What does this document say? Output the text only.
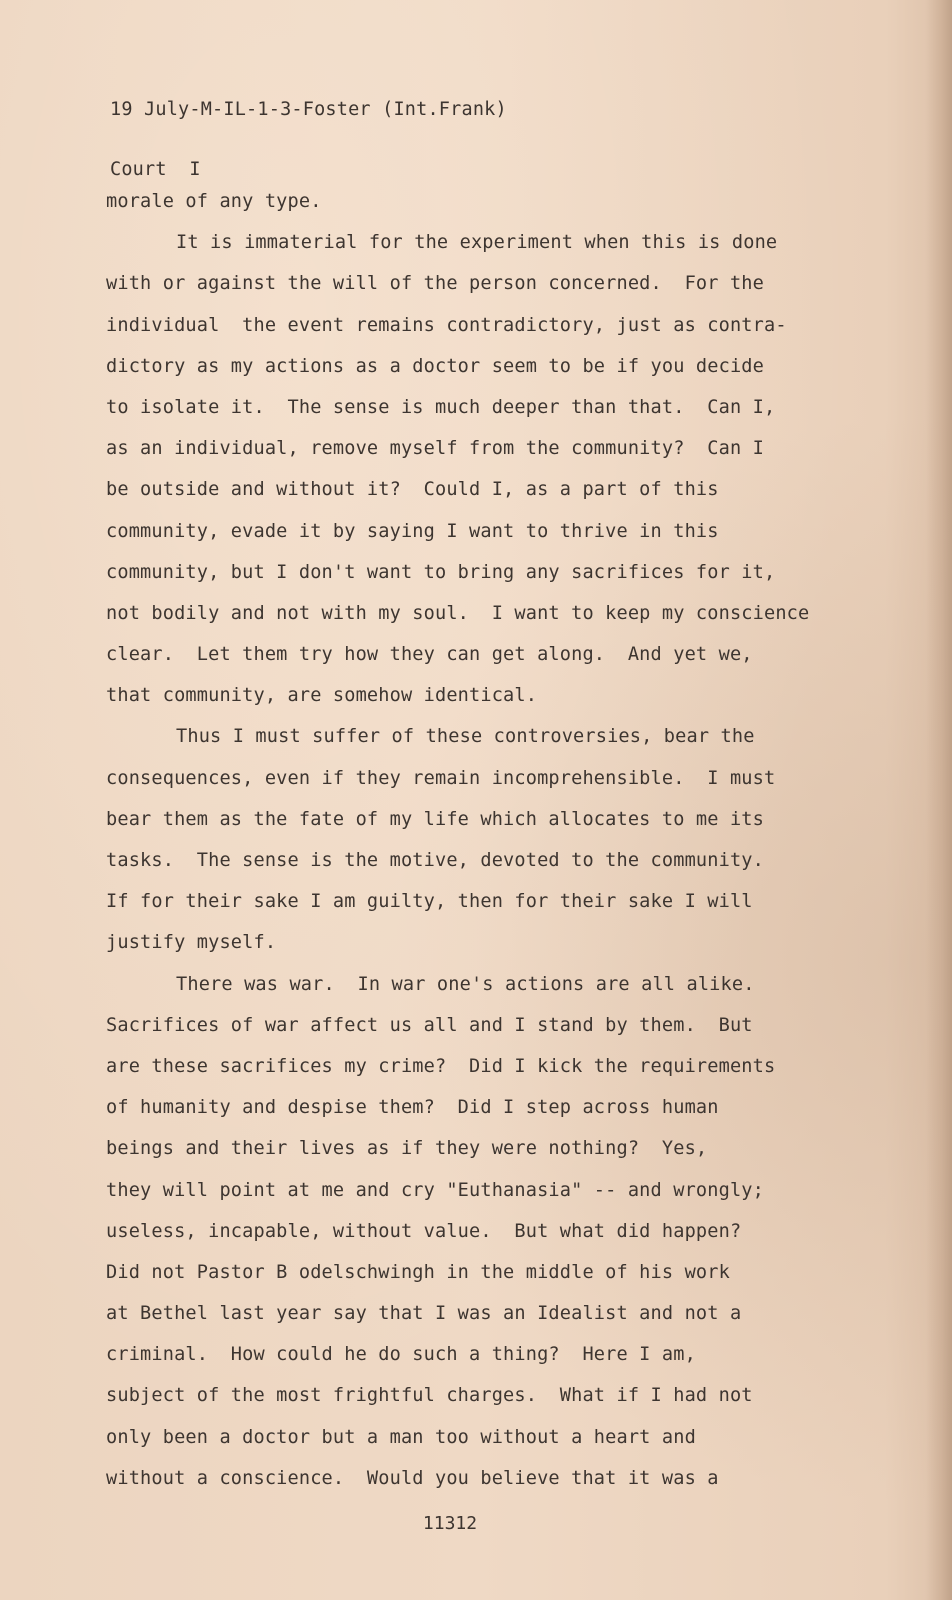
19 July-M-IL-1-3-Foster (Int.Frank)

Court  I

morale of any type.
It is immaterial for the experiment when this is done
with or against the will of the person concerned.  For the
individual  the event remains contradictory, just as contra-
dictory as my actions as a doctor seem to be if you decide
to isolate it.  The sense is much deeper than that.  Can I,
as an individual, remove myself from the community?  Can I
be outside and without it?  Could I, as a part of this
community, evade it by saying I want to thrive in this
community, but I don't want to bring any sacrifices for it,
not bodily and not with my soul.  I want to keep my conscience
clear.  Let them try how they can get along.  And yet we,
that community, are somehow identical.
Thus I must suffer of these controversies, bear the
consequences, even if they remain incomprehensible.  I must
bear them as the fate of my life which allocates to me its
tasks.  The sense is the motive, devoted to the community.
If for their sake I am guilty, then for their sake I will
justify myself.
There was war.  In war one's actions are all alike.
Sacrifices of war affect us all and I stand by them.  But
are these sacrifices my crime?  Did I kick the requirements
of humanity and despise them?  Did I step across human
beings and their lives as if they were nothing?  Yes,
they will point at me and cry "Euthanasia" -- and wrongly;
useless, incapable, without value.  But what did happen?
Did not Pastor B odelschwingh in the middle of his work
at Bethel last year say that I was an Idealist and not a
criminal.  How could he do such a thing?  Here I am,
subject of the most frightful charges.  What if I had not
only been a doctor but a man too without a heart and
without a conscience.  Would you believe that it was a
11312
